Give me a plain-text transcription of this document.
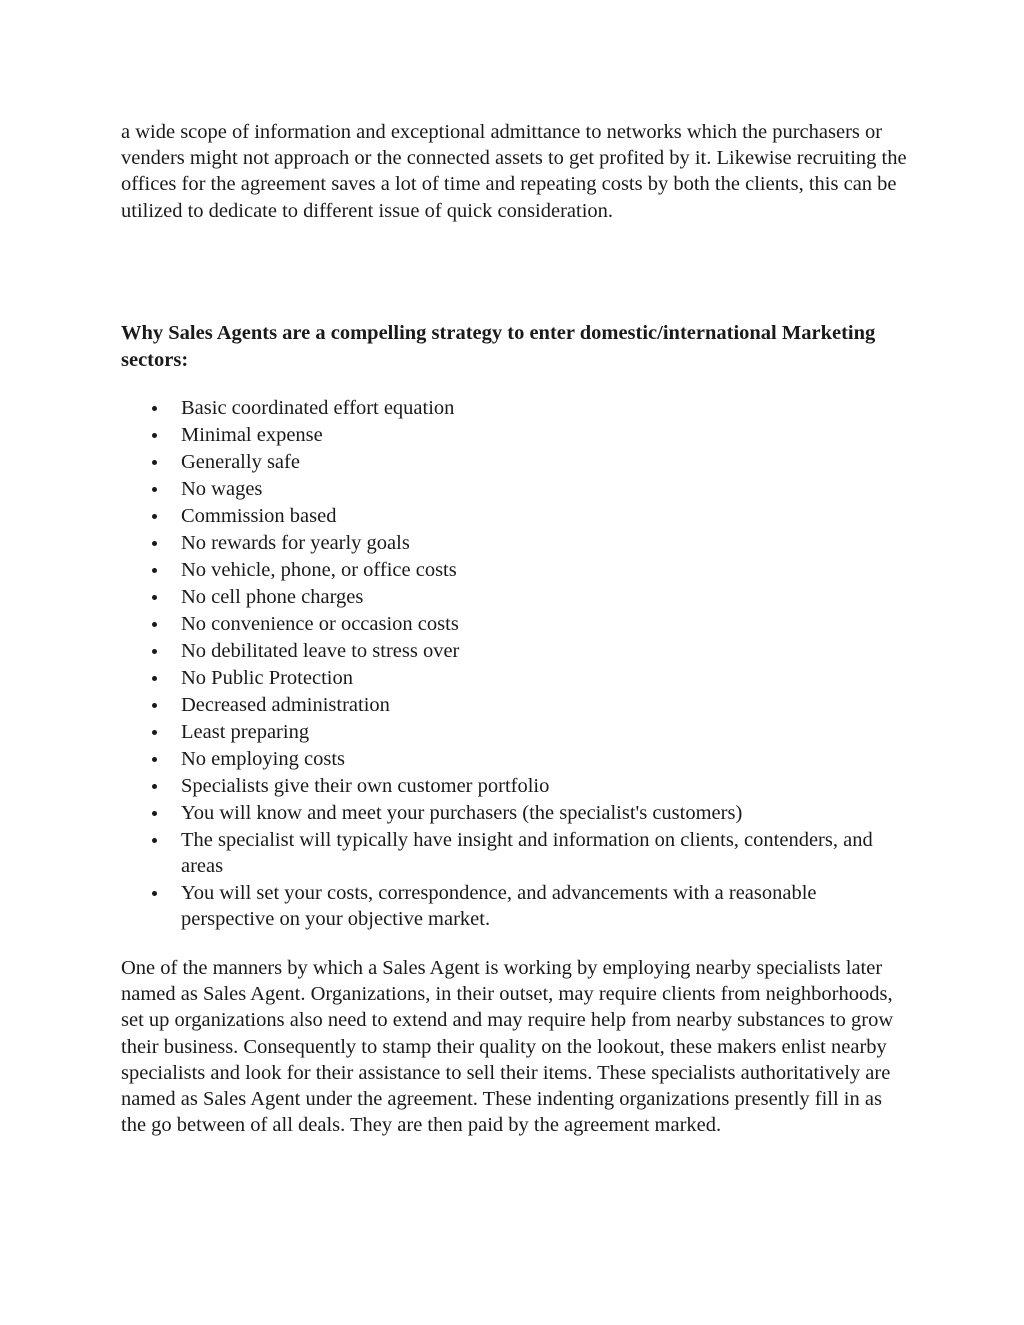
a wide scope of information and exceptional admittance to networks which the purchasers or venders might not approach or the connected assets to get profited by it. Likewise recruiting the offices for the agreement saves a lot of time and repeating costs by both the clients, this can be utilized to dedicate to different issue of quick consideration.

Why Sales Agents are a compelling strategy to enter domestic/international Marketing sectors:
Basic coordinated effort equation
Minimal expense
Generally safe
No wages
Commission based
No rewards for yearly goals
No vehicle, phone, or office costs
No cell phone charges
No convenience or occasion costs
No debilitated leave to stress over
No Public Protection
Decreased administration
Least preparing
No employing costs
Specialists give their own customer portfolio
You will know and meet your purchasers (the specialist's customers)
The specialist will typically have insight and information on clients, contenders, and areas
You will set your costs, correspondence, and advancements with a reasonable perspective on your objective market.

One of the manners by which a Sales Agent is working by employing nearby specialists later named as Sales Agent. Organizations, in their outset, may require clients from neighborhoods, set up organizations also need to extend and may require help from nearby substances to grow their business. Consequently to stamp their quality on the lookout, these makers enlist nearby specialists and look for their assistance to sell their items. These specialists authoritatively are named as Sales Agent under the agreement. These indenting organizations presently fill in as the go between of all deals. They are then paid by the agreement marked.
